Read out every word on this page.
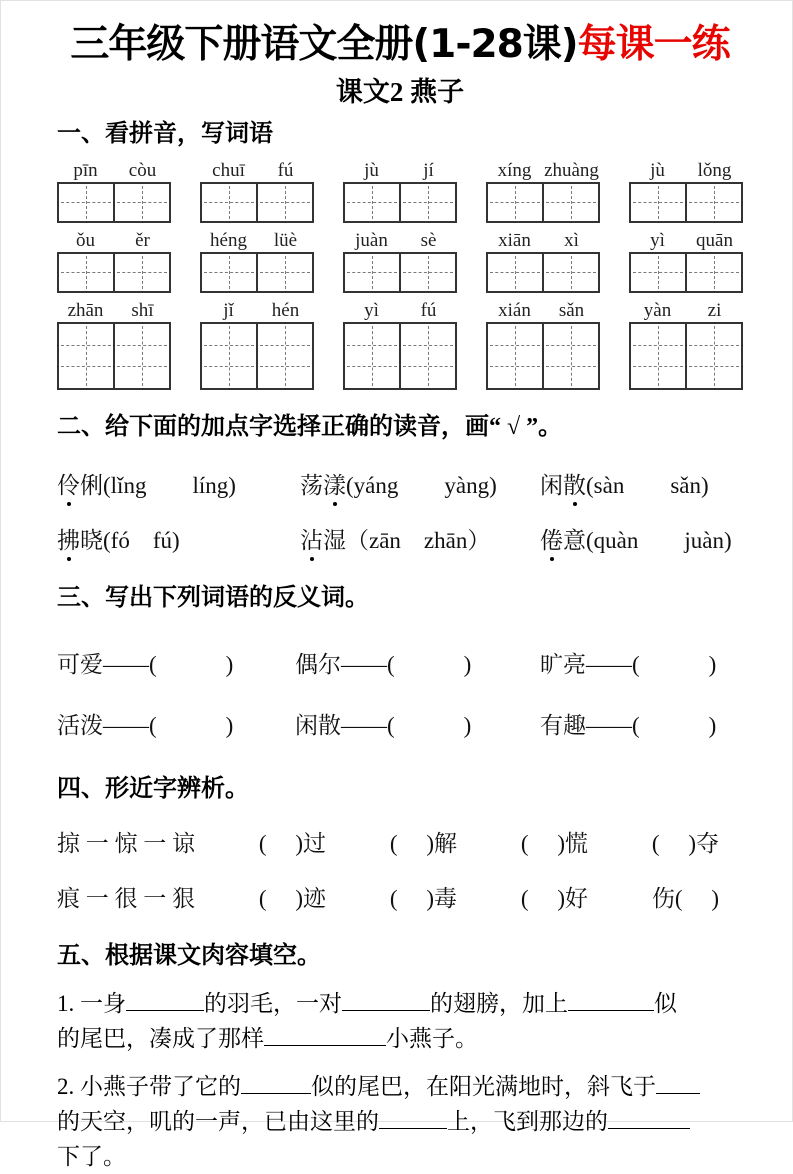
三年级下册语文全册(1-28课)每课一练
课文2 燕子
一、看拼音，写词语
pīn	còu	chuī	fú	jù	jí	xíng zhuàng	jù	lǒng
ǒu	ěr	héng	lüè	juàn	sè	xiān	xì	yì	quān
zhān	shī	jǐ	hén	yì	fú	xián	sǎn	yàn	zi
二、给下面的加点字选择正确的读音，画“ √ ”。
伶俐(lǐng　　líng)	荡漾(yáng　　yàng)	闲散(sàn　　sǎn)
拂晓(fó　fú)	沾湿（zān　zhān）	倦意(quàn　　juàn)
三、写出下列词语的反义词。
可爱——(　　　)	偶尔——(　　　)	旷亮——(　　　)
活泼——(　　　)	闲散——(　　　)	有趣——(　　　)
四、形近字辨析。
掠 一 惊 一 谅	(　 )过	(　 )解	(　 )慌	(　 )夺
痕 一 很 一 狠	(　 )迹	(　 )毒	(　 )好	伤(　 )
五、根据课文肉容填空。

1. 一身	的羽毛，一对	的翅膀，加上	似
的尾巴，凑成了那样	小燕子。

2. 小燕子带了它的	似的尾巴，在阳光满地时，斜飞于
的天空，叽的一声，已由这里的	上，飞到那边的
下了。
